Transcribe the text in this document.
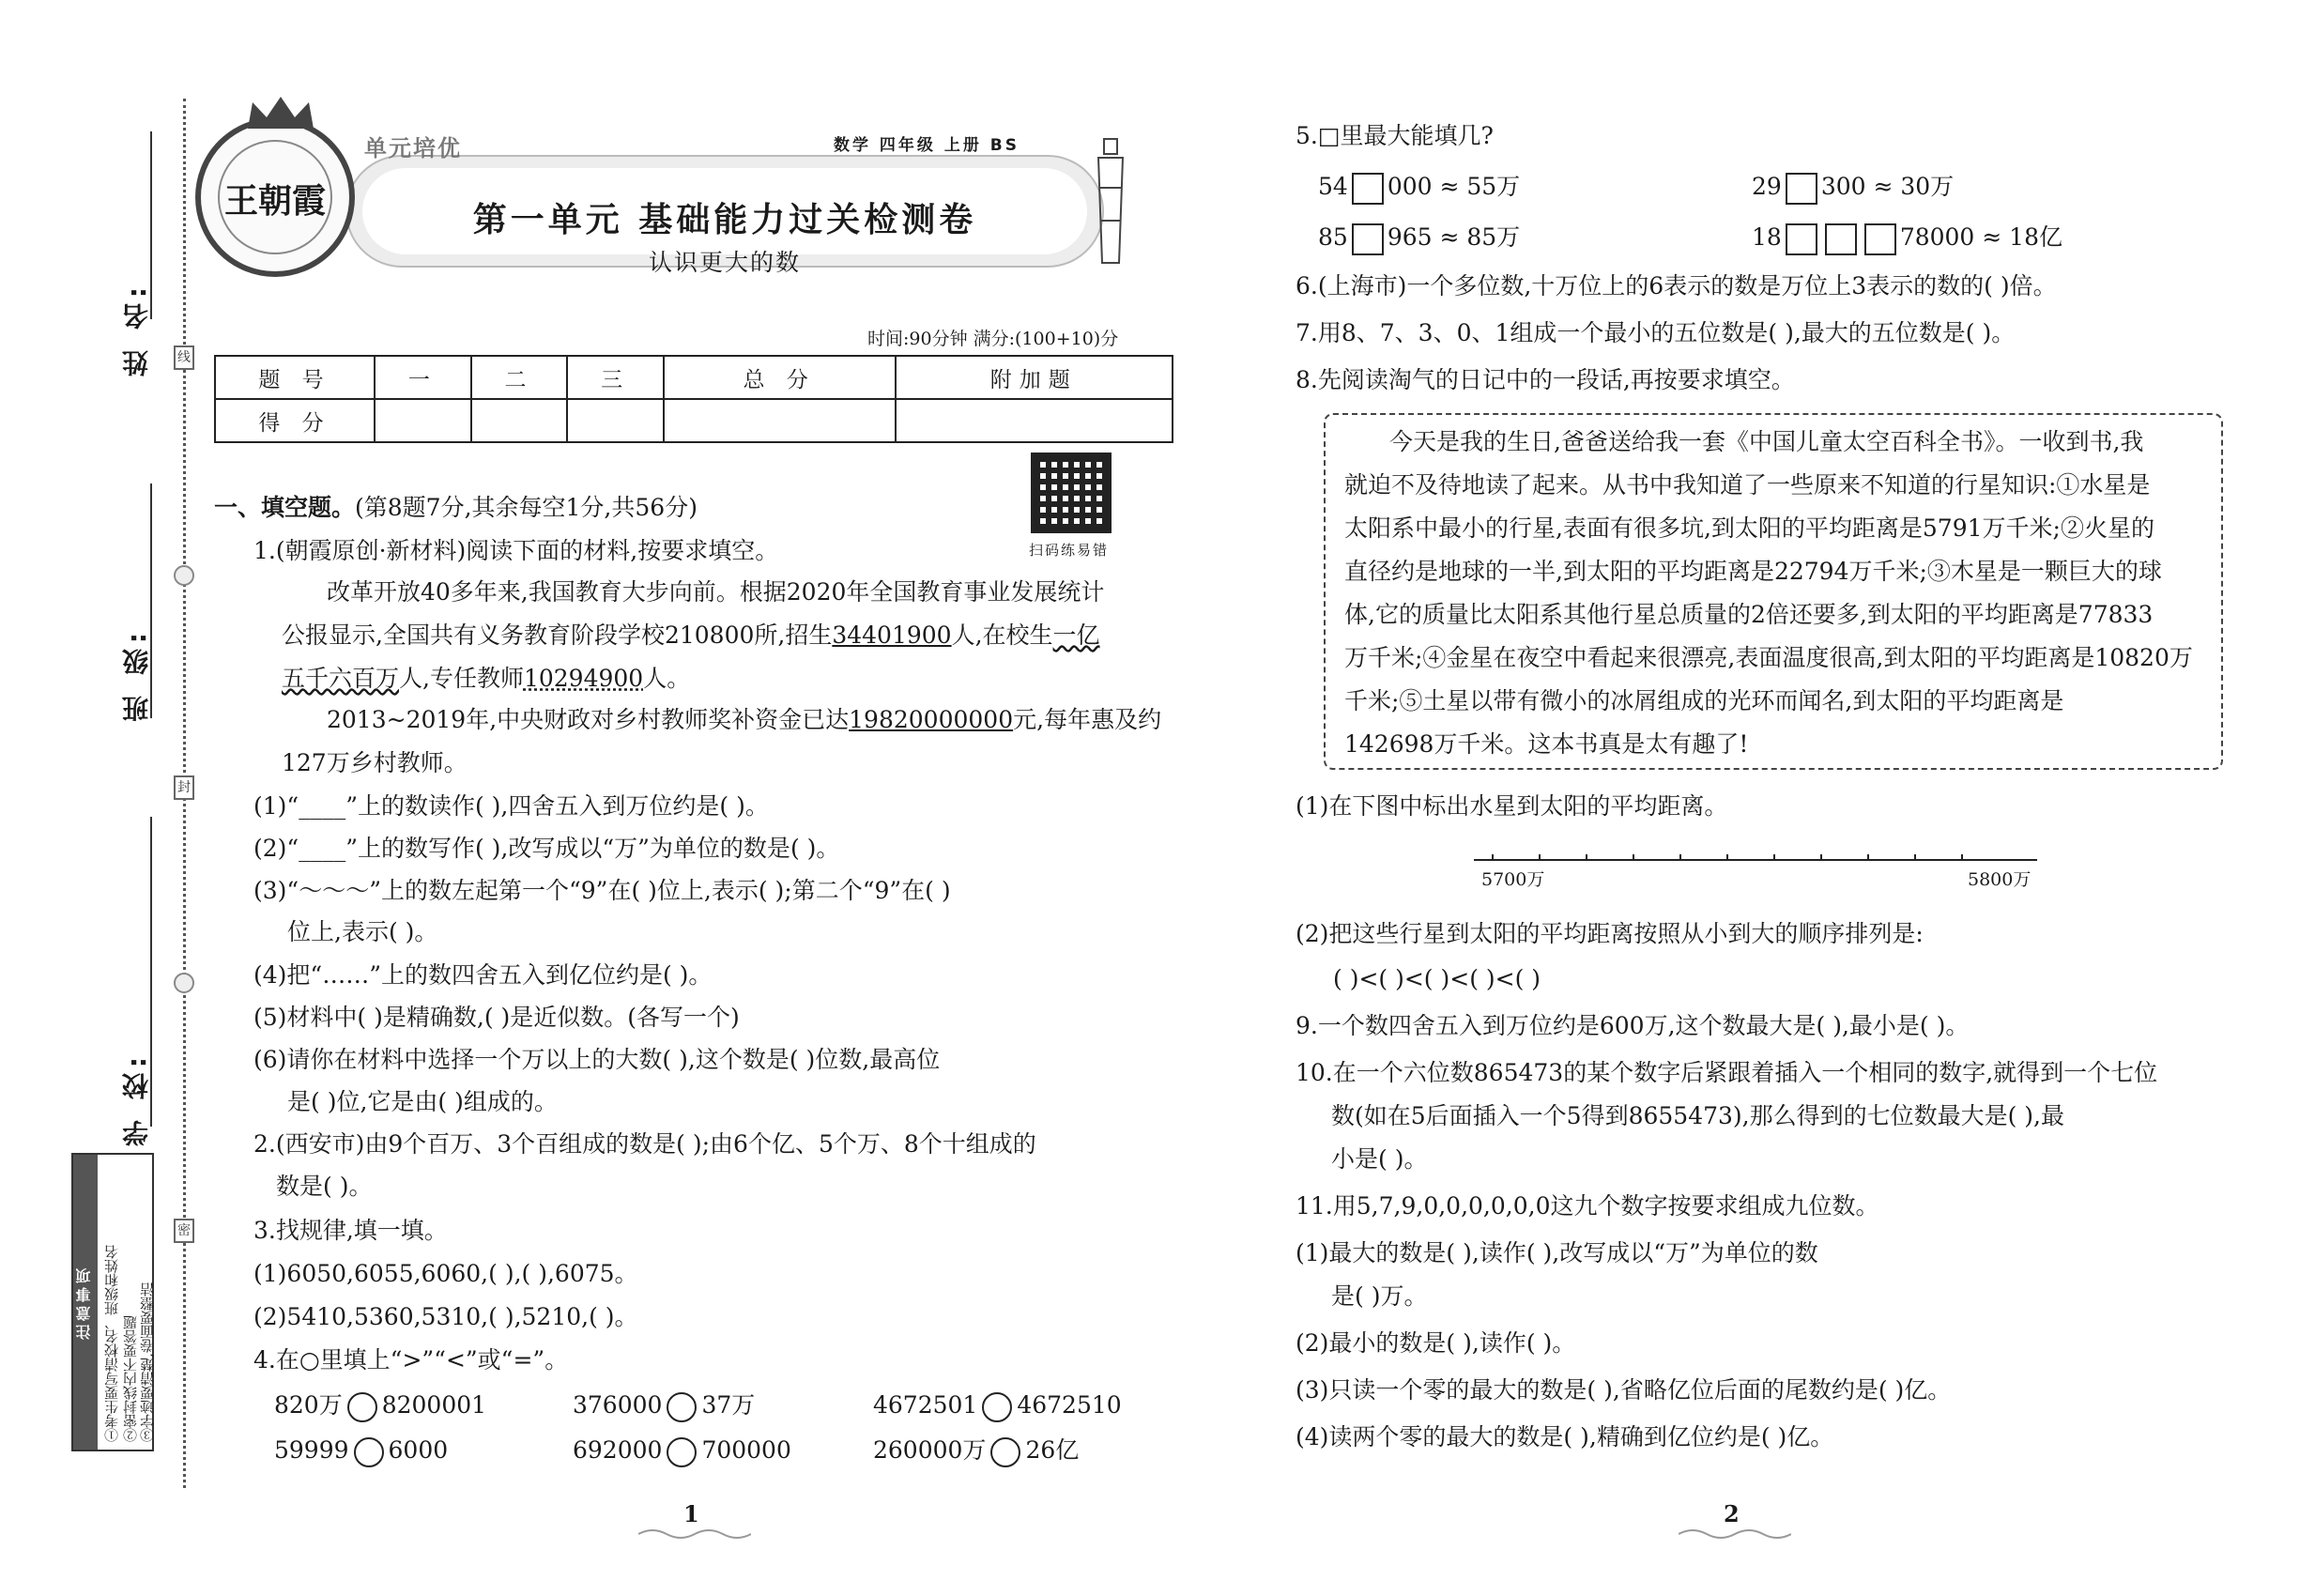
线
封
密
姓 名:
班 级:
学 校:
注意事项 ①考生要写清校名、班级和姓名 ②密封线内不要答题 ③字迹要清楚,卷面要整洁
王朝霞
单元培优	数学 四年级 上册 BS
第一单元 基础能力过关检测卷
认识更大的数
时间:90分钟 满分:(100+10)分
题 号	一	二	三	总 分	附加题
得 分					
扫码练易错
一、填空题。(第8题7分,其余每空1分,共56分)
1.(朝霞原创·新材料)阅读下面的材料,按要求填空。
改革开放40多年来,我国教育大步向前。根据2020年全国教育事业发展统计
公报显示,全国共有义务教育阶段学校210800所,招生34401900人,在校生一亿
五千六百万人,专任教师10294900人。
2013~2019年,中央财政对乡村教师奖补资金已达19820000000元,每年惠及约
127万乡村教师。
(1)“____”上的数读作( ),四舍五入到万位约是( )。
(2)“____”上的数写作( ),改写成以“万”为单位的数是( )。
(3)“～～～”上的数左起第一个“9”在( )位上,表示( );第二个“9”在( )
位上,表示( )。
(4)把“……”上的数四舍五入到亿位约是( )。
(5)材料中( )是精确数,( )是近似数。(各写一个)
(6)请你在材料中选择一个万以上的大数( ),这个数是( )位数,最高位
是( )位,它是由( )组成的。
2.(西安市)由9个百万、3个百组成的数是( );由6个亿、5个万、8个十组成的
数是( )。
3.找规律,填一填。
(1)6050,6055,6060,( ),( ),6075。
(2)5410,5360,5310,( ),5210,( )。
4.在○里填上“>”“<”或“=”。
820万 8200001	376000 37万	4672501 4672510
59999 6000	692000 700000	260000万 26亿
5.□里最大能填几?
54 000 ≈ 55万	29 300 ≈ 30万
85 965 ≈ 85万	18	78000 ≈ 18亿
6.(上海市)一个多位数,十万位上的6表示的数是万位上3表示的数的( )倍。
7.用8、7、3、0、1组成一个最小的五位数是( ),最大的五位数是( )。
8.先阅读淘气的日记中的一段话,再按要求填空。
今天是我的生日,爸爸送给我一套《中国儿童太空百科全书》。一收到书,我
就迫不及待地读了起来。从书中我知道了一些原来不知道的行星知识:①水星是
太阳系中最小的行星,表面有很多坑,到太阳的平均距离是5791万千米;②火星的
直径约是地球的一半,到太阳的平均距离是22794万千米;③木星是一颗巨大的球
体,它的质量比太阳系其他行星总质量的2倍还要多,到太阳的平均距离是77833
万千米;④金星在夜空中看起来很漂亮,表面温度很高,到太阳的平均距离是10820万
千米;⑤土星以带有微小的冰屑组成的光环而闻名,到太阳的平均距离是
142698万千米。这本书真是太有趣了!
(1)在下图中标出水星到太阳的平均距离。
5700万	5800万
(2)把这些行星到太阳的平均距离按照从小到大的顺序排列是:
( )<( )<( )<( )<( )
9.一个数四舍五入到万位约是600万,这个数最大是( ),最小是( )。
10.在一个六位数865473的某个数字后紧跟着插入一个相同的数字,就得到一个七位
数(如在5后面插入一个5得到8655473),那么得到的七位数最大是( ),最
小是( )。
11.用5,7,9,0,0,0,0,0,0这九个数字按要求组成九位数。
(1)最大的数是( ),读作( ),改写成以“万”为单位的数
是( )万。
(2)最小的数是( ),读作( )。
(3)只读一个零的最大的数是( ),省略亿位后面的尾数约是( )亿。
(4)读两个零的最大的数是( ),精确到亿位约是( )亿。
1	2
